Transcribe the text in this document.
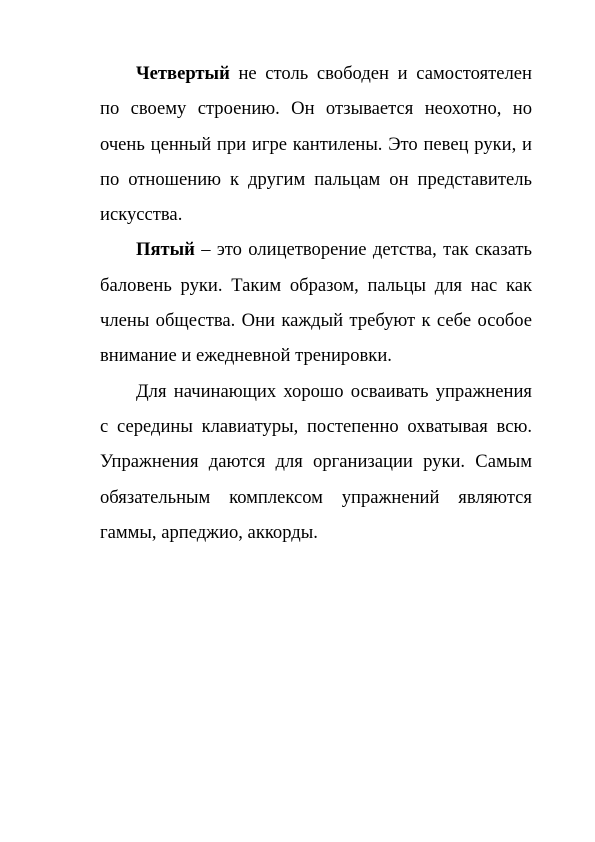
Четвертый не столь свободен и самостоятелен по своему строению. Он отзывается неохотно, но очень ценный при игре кантилены. Это певец руки, и по отношению к другим пальцам он представитель искусства.

Пятый – это олицетворение детства, так сказать баловень руки. Таким образом, пальцы для нас как члены общества. Они каждый требуют к себе особое внимание и ежедневной тренировки.

Для начинающих хорошо осваивать упражнения с середины клавиатуры, постепенно охватывая всю. Упражнения даются для организации руки. Самым обязательным комплексом упражнений являются гаммы, арпеджио, аккорды.
